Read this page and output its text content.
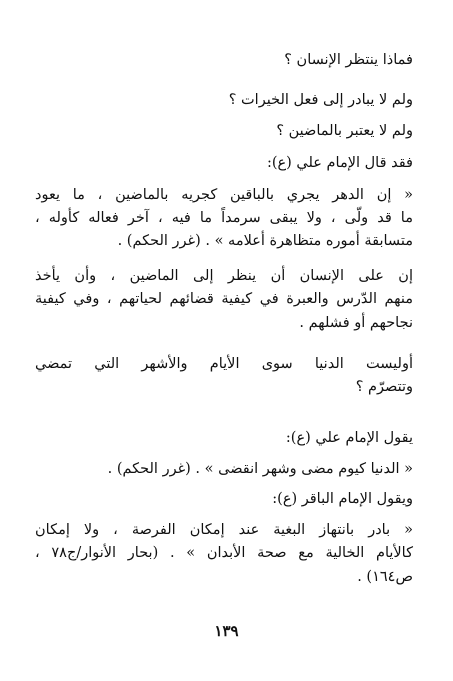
فماذا ينتظر الإنسان ؟
ولم لا يبادر إلى فعل الخيرات ؟
ولم لا يعتبر بالماضين ؟
فقد قال الإمام علي (ع):
« إن الدهر يجري بالباقين كجريه بالماضين ، ما يعود
ما قد ولّى ، ولا يبقى سرمداً ما فيه ، آخر فعاله كأوله ،
متسابقة أموره متظاهرة أعلامه » . (غرر الحكم) .
إن على الإنسان أن ينظر إلى الماضين ، وأن يأخذ
منهم الدّرس والعبرة في كيفية قضائهم لحياتهم ، وفي كيفية
نجاحهم أو فشلهم .
أوليست الدنيا سوى الأيام والأشهر التي تمضي
وتتصرّم ؟
يقول الإمام علي (ع):
« الدنيا كيوم مضى وشهر انقضى » . (غرر الحكم) .
ويقول الإمام الباقر (ع):
« بادر بانتهاز البغية عند إمكان الفرصة ، ولا إمكان
كالأيام الخالية مع صحة الأبدان » . (بحار الأنوار/ج٧٨ ،
ص١٦٤) .
١٣٩
